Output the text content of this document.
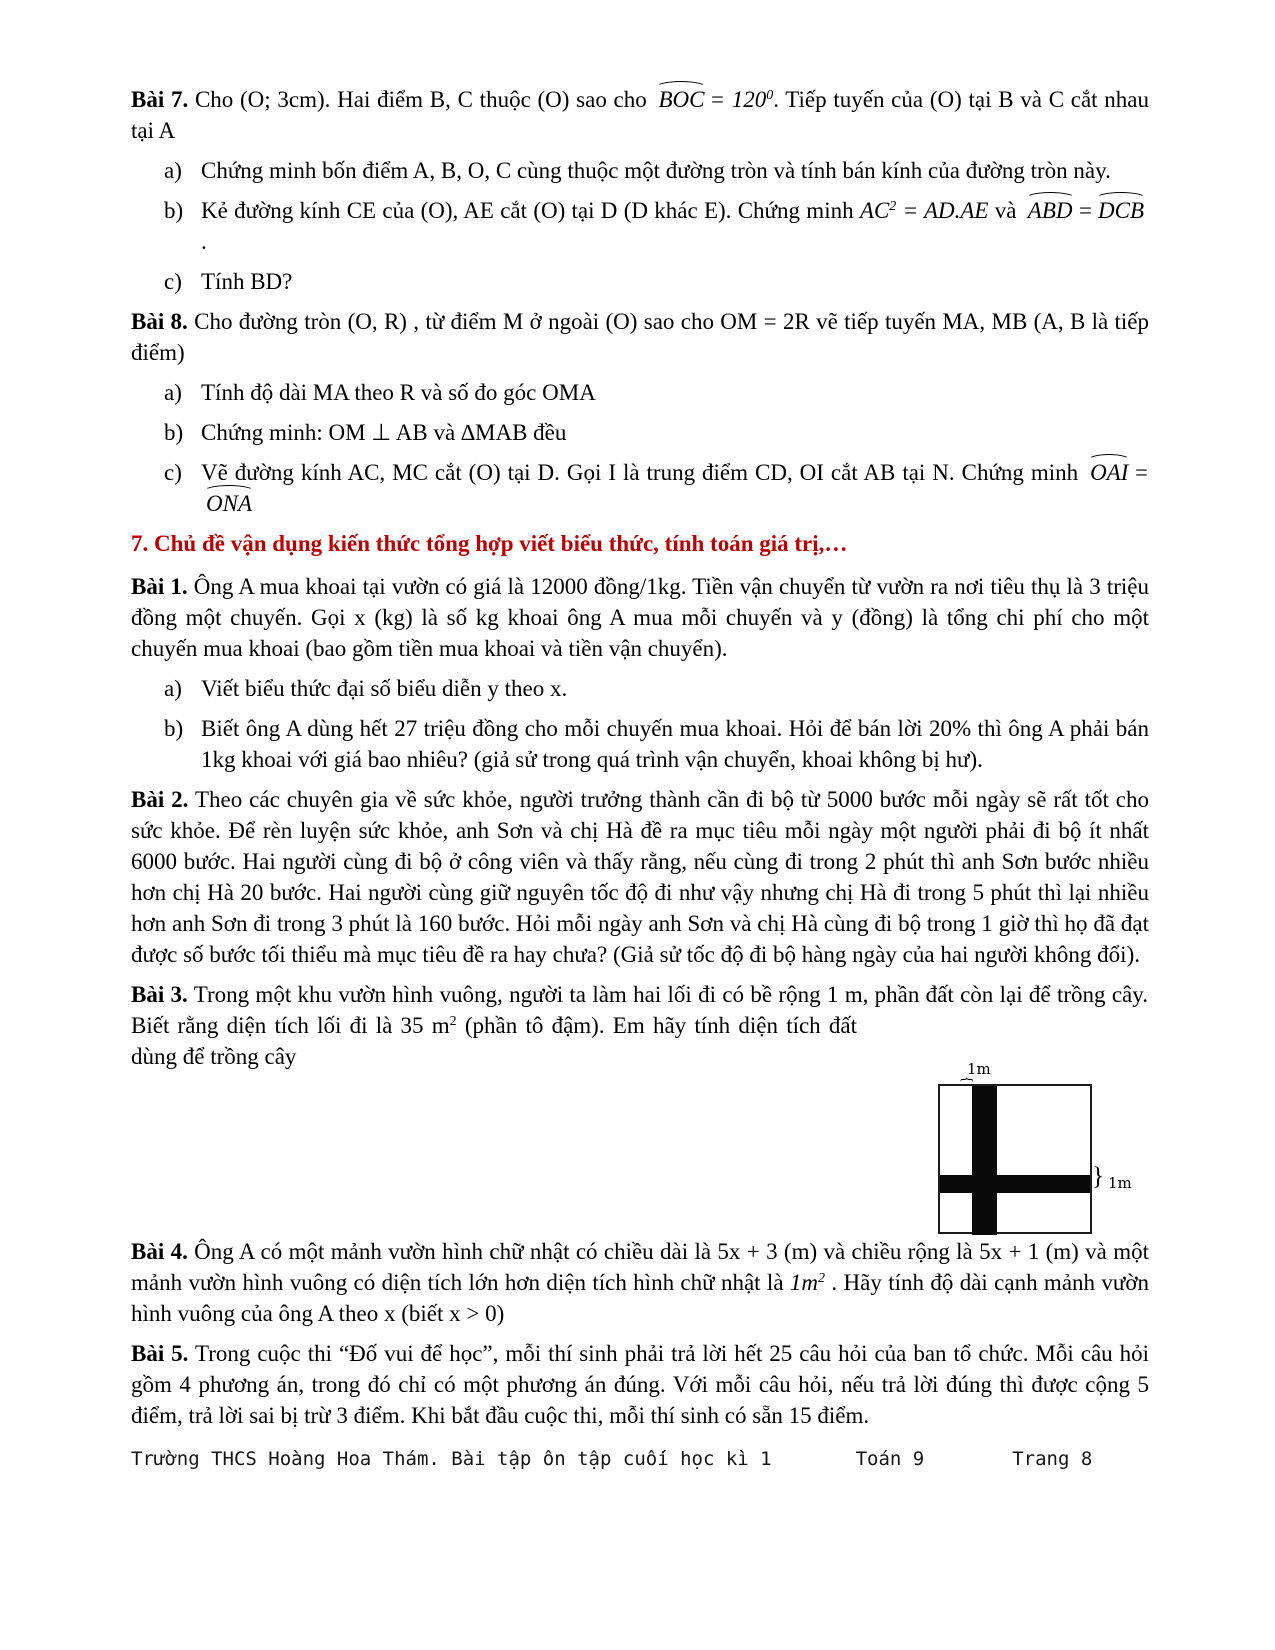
Bài 7. Cho (O; 3cm). Hai điểm B, C thuộc (O) sao cho BOC = $120^0$. Tiếp tuyến của (O) tại B và C cắt nhau tại A

a) Chứng minh bốn điểm A, B, O, C cùng thuộc một đường tròn và tính bán kính của đường tròn này.
b) Kẻ đường kính CE của (O), AE cắt (O) tại D (D khác E). Chứng minh $AC^2 = AD.AE$ và ABD = DCB .
c) Tính BD?

Bài 8. Cho đường tròn (O, R) , từ điểm M ở ngoài (O) sao cho OM = 2R vẽ tiếp tuyến MA, MB (A, B là tiếp điểm)

a) Tính độ dài MA theo R và số đo góc OMA
b) Chứng minh: OM ⊥ AB và ∆MAB đều
c) Vẽ đường kính AC, MC cắt (O) tại D. Gọi I là trung điểm CD, OI cắt AB tại N. Chứng minh OAI =ONA

7. Chủ đề vận dụng kiến thức tổng hợp viết biểu thức, tính toán giá trị,…

Bài 1. Ông A mua khoai tại vườn có giá là 12000 đồng/1kg. Tiền vận chuyển từ vườn ra nơi tiêu thụ là 3 triệu đồng một chuyến. Gọi x (kg) là số kg khoai ông A mua mỗi chuyến và y (đồng) là tổng chi phí cho một chuyến mua khoai (bao gồm tiền mua khoai và tiền vận chuyển).

a) Viết biểu thức đại số biểu diễn y theo x.
b) Biết ông A dùng hết 27 triệu đồng cho mỗi chuyến mua khoai. Hỏi để bán lời 20% thì ông A phải bán 1kg khoai với giá bao nhiêu? (giả sử trong quá trình vận chuyển, khoai không bị hư).

Bài 2. Theo các chuyên gia về sức khỏe, người trưởng thành cần đi bộ từ 5000 bước mỗi ngày sẽ rất tốt cho sức khỏe. Để rèn luyện sức khỏe, anh Sơn và chị Hà đề ra mục tiêu mỗi ngày một người phải đi bộ ít nhất 6000 bước. Hai người cùng đi bộ ở công viên và thấy rằng, nếu cùng đi trong 2 phút thì anh Sơn bước nhiều hơn chị Hà 20 bước. Hai người cùng giữ nguyên tốc độ đi như vậy nhưng chị Hà đi trong 5 phút thì lại nhiều hơn anh Sơn đi trong 3 phút là 160 bước. Hỏi mỗi ngày anh Sơn và chị Hà cùng đi bộ trong 1 giờ thì họ đã đạt được số bước tối thiểu mà mục tiêu đề ra hay chưa? (Giả sử tốc độ đi bộ hàng ngày của hai người không đổi).

1m
{
} 1m
Bài 3. Trong một khu vườn hình vuông, người ta làm hai lối đi có bề rộng 1 m, phần đất còn lại để trồng cây. Biết rằng diện tích lối đi là 35 $m^2$ (phần tô đậm). Em hãy tính diện tích đất dùng để trồng cây

Bài 4. Ông A có một mảnh vườn hình chữ nhật có chiều dài là 5x + 3 (m) và chiều rộng là 5x + 1 (m) và một mảnh vườn hình vuông có diện tích lớn hơn diện tích hình chữ nhật là $1m^2$ . Hãy tính độ dài cạnh mảnh vườn hình vuông của ông A theo x (biết x > 0)

Bài 5. Trong cuộc thi “Đố vui để học”, mỗi thí sinh phải trả lời hết 25 câu hỏi của ban tổ chức. Mỗi câu hỏi gồm 4 phương án, trong đó chỉ có một phương án đúng. Với mỗi câu hỏi, nếu trả lời đúng thì được cộng 5 điểm, trả lời sai bị trừ 3 điểm. Khi bắt đầu cuộc thi, mỗi thí sinh có sẵn 15 điểm.

Trường THCS Hoàng Hoa Thám. Bài tập ôn tập cuối học kì 1	Toán 9	Trang 8
